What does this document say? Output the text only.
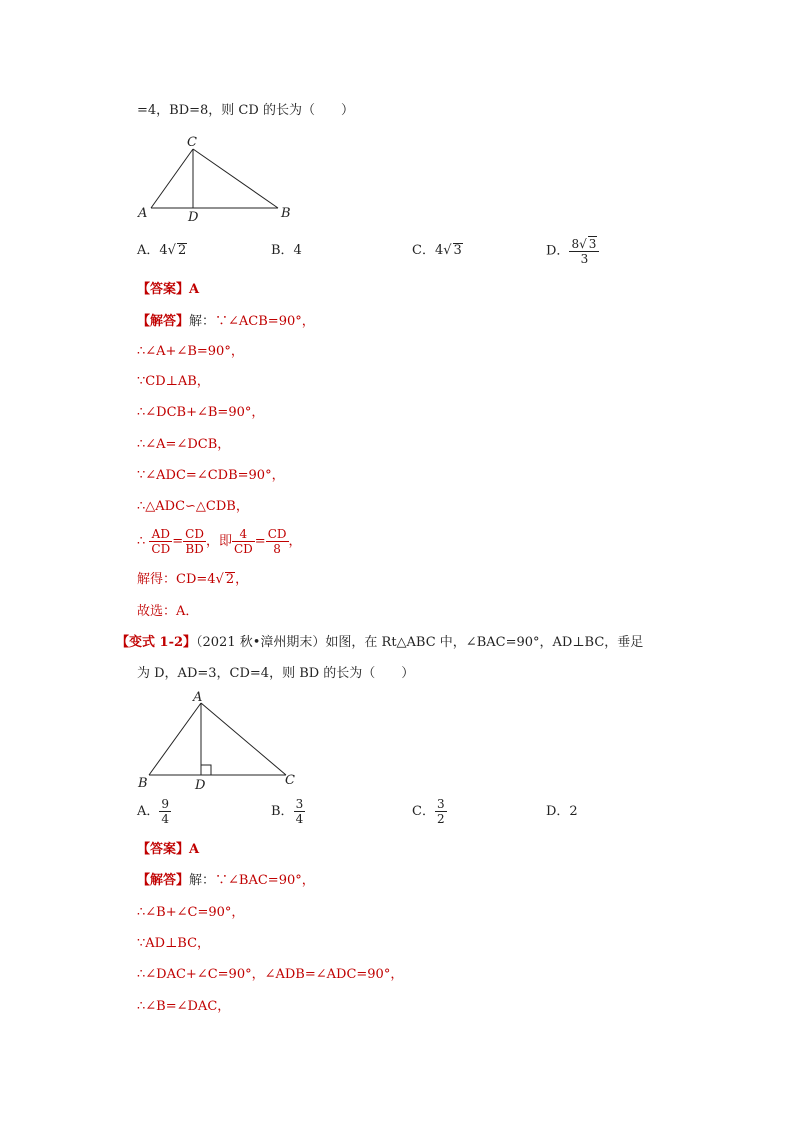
=4，BD=8，则 CD 的长为（　　）
C
A	D	B
A．4√ 2	B．4	C．4√ 3	D． $\frac{8√ 3}{3}$
【答案】A
【解答】解：∵∠ACB=90°，
∴∠A+∠B=90°，
∵CD⊥AB，
∴∠DCB+∠B=90°，
∴∠A=∠DCB，
∵∠ADC=∠CDB=90°，
∴△ADC∽△CDB，
∴ $\frac{AD}{CD} = \frac{CD}{BD}$ ，即 $\frac{4}{CD} = \frac{CD}{8}$ ，
解得：CD=4√ 2，
故选：A．
【变式 1-2】（2021 秋•漳州期末）如图，在 Rt△ABC 中，∠BAC=90°，AD⊥BC，垂足
为 D，AD=3，CD=4，则 BD 的长为（　　）
A
B	D	C
A． $\frac{9}{4}$	B． $\frac{3}{4}$	C． $\frac{3}{2}$	D．2
【答案】A
【解答】解：∵∠BAC=90°，
∴∠B+∠C=90°，
∵AD⊥BC，
∴∠DAC+∠C=90°，∠ADB=∠ADC=90°，
∴∠B=∠DAC，
